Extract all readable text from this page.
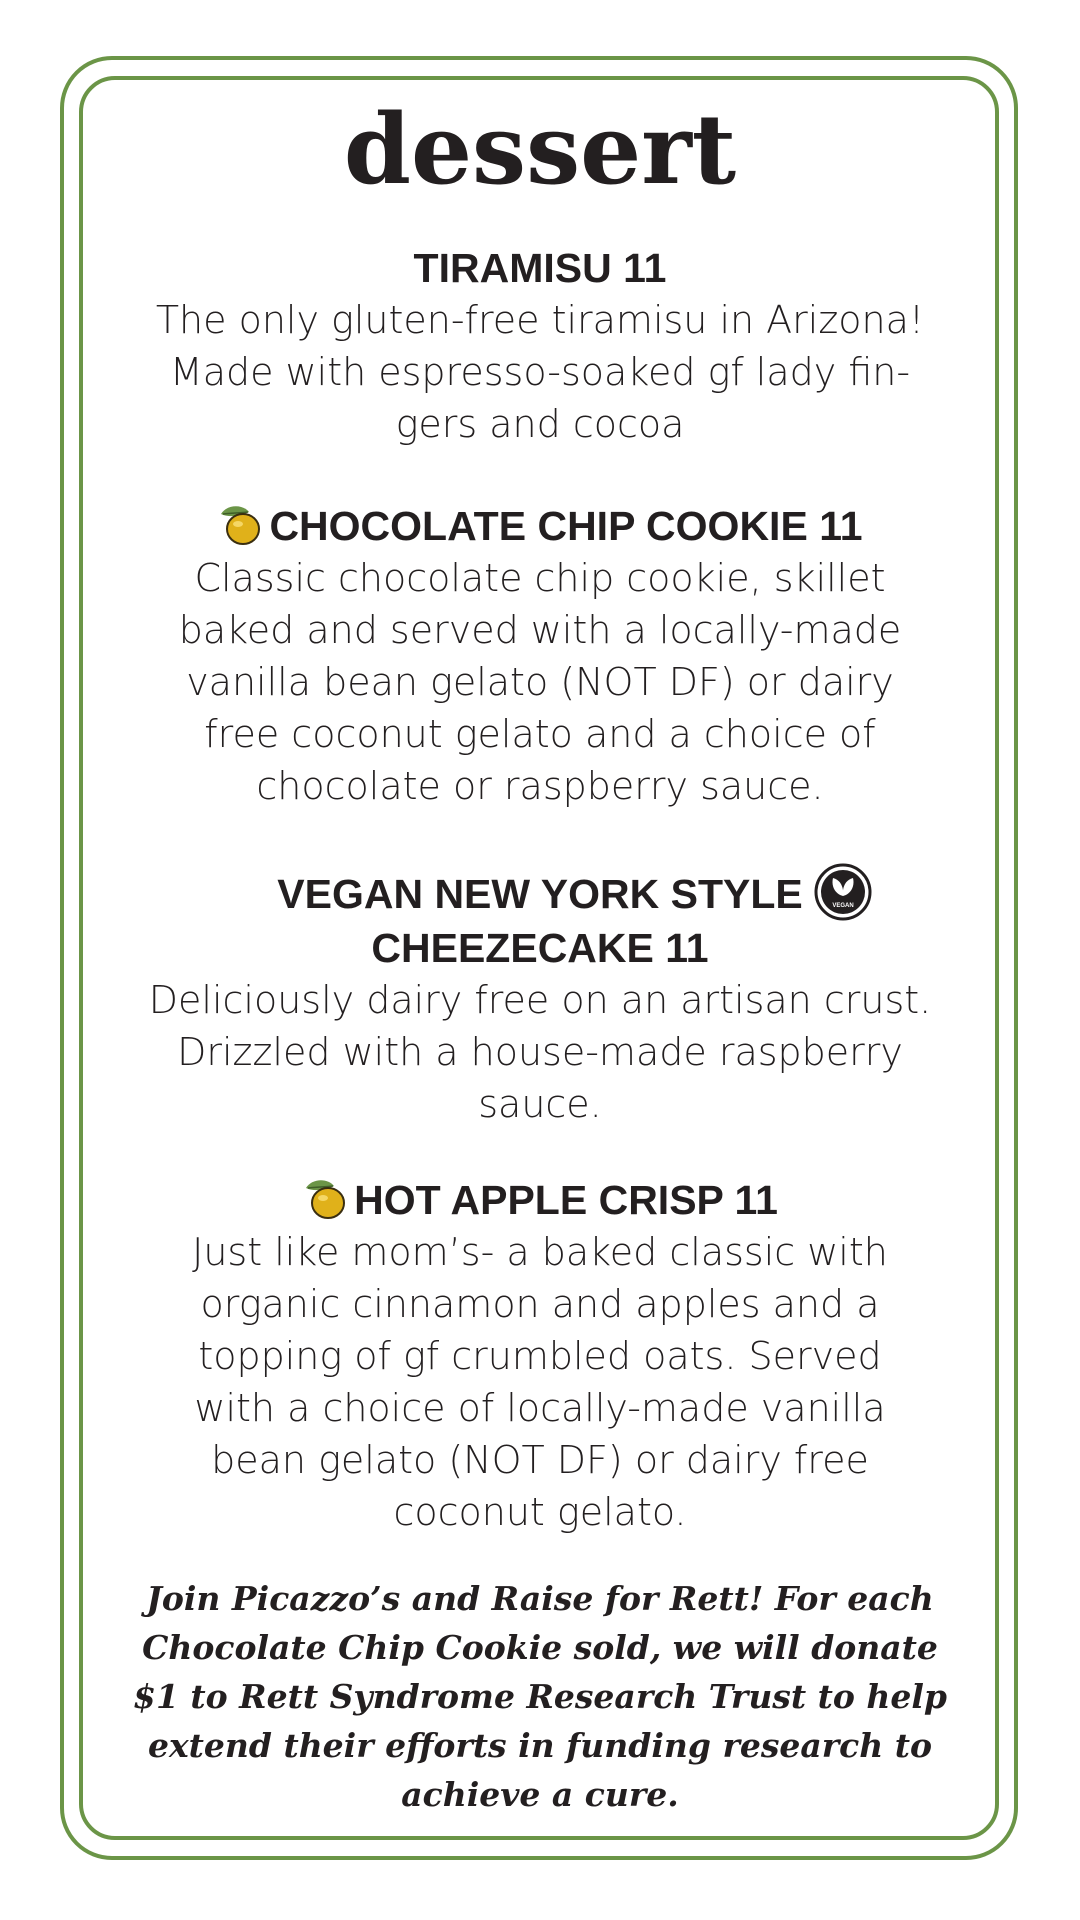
dessert

TIRAMISU 11

The only gluten-free tiramisu in Arizona!

Made with espresso-soaked gf lady fin-

gers and cocoa

CHOCOLATE CHIP COOKIE 11

Classic chocolate chip cookie, skillet

baked and served with a locally-made

vanilla bean gelato (NOT DF) or dairy

free coconut gelato and a choice of

chocolate or raspberry sauce.

VEGAN NEW YORK STYLE	VEGAN

CHEEZECAKE 11

Deliciously dairy free on an artisan crust.

Drizzled with a house-made raspberry

sauce.

HOT APPLE CRISP 11

Just like mom’s- a baked classic with

organic cinnamon and apples and a

topping of gf crumbled oats. Served

with a choice of locally-made vanilla

bean gelato (NOT DF) or dairy free

coconut gelato.

Join Picazzo’s and Raise for Rett! For each

Chocolate Chip Cookie sold, we will donate

$1 to Rett Syndrome Research Trust to help

extend their efforts in funding research to

achieve a cure.
